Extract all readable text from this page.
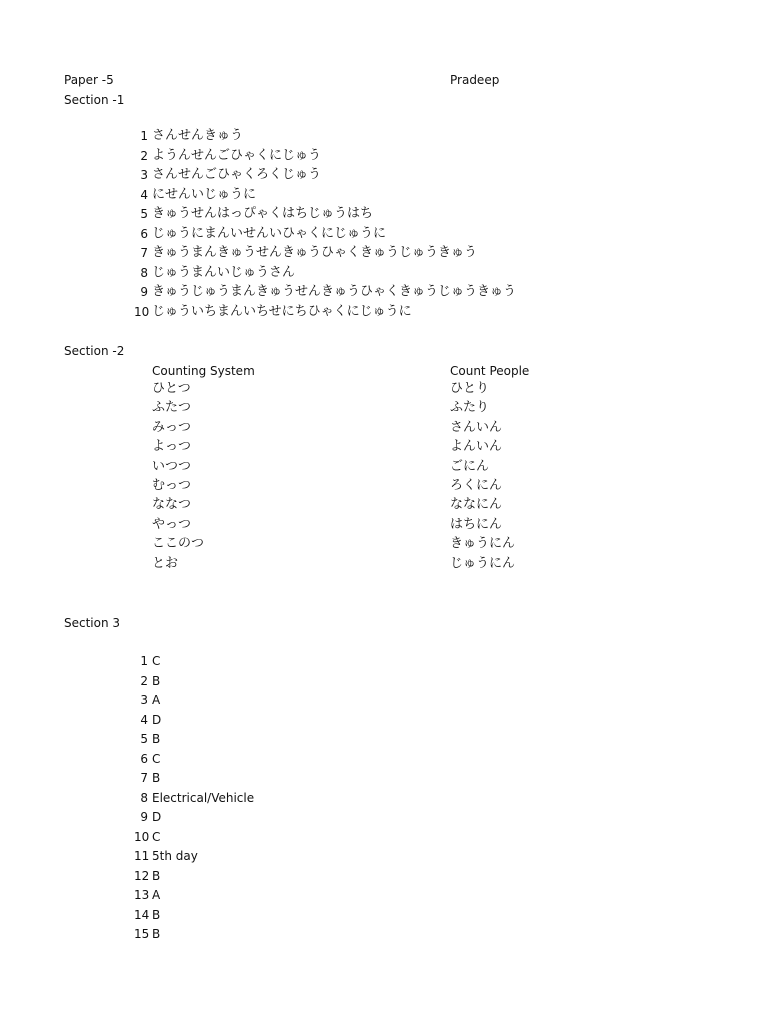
Paper -5	Pradeep
Section -1
1 さんせんきゅう
2 ようんせんごひゃくにじゅう
3 さんせんごひゃくろくじゅう
4 にせんいじゅうに
5 きゅうせんはっぴゃくはちじゅうはち
6 じゅうにまんいせんいひゃくにじゅうに
7 きゅうまんきゅうせんきゅうひゃくきゅうじゅうきゅう
8 じゅうまんいじゅうさん
9 きゅうじゅうまんきゅうせんきゅうひゃくきゅうじゅうきゅう
10 じゅういちまんいちせにちひゃくにじゅうに
Section -2
Counting System	Count People
ひとつ	ひとり
ふたつ	ふたり
みっつ	さんいん
よっつ	よんいん
いつつ	ごにん
むっつ	ろくにん
ななつ	ななにん
やっつ	はちにん
ここのつ	きゅうにん
とお	じゅうにん
Section 3
1 C
2 B
3 A
4 D
5 B
6 C
7 B
8 Electrical/Vehicle
9 D
10 C
11 5th day
12 B
13 A
14 B
15 B
